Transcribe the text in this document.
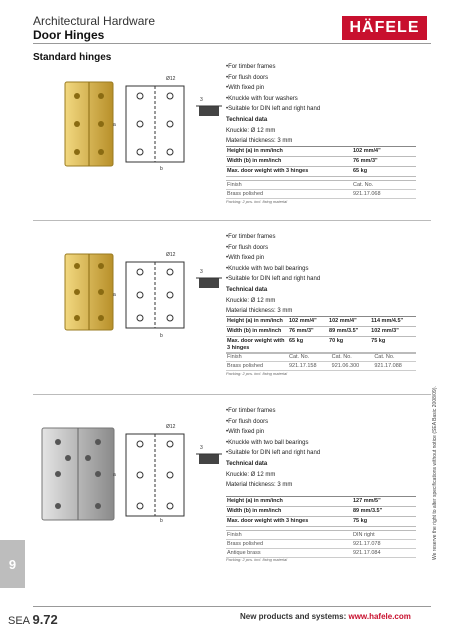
Architectural Hardware
Door Hinges	HÄFELE
Standard hinges
Ø12
a
b
3
• For timber frames
• For flush doors
• With fixed pin
• Knuckle with four washers
• Suitable for DIN left and right hand
Technical data
Knuckle: Ø 12 mm
Material thickness: 3 mm
Height (a) in mm/inch	102 mm/4"
Width (b) in mm/inch	76 mm/3"
Max. door weight with 3 hinges	65 kg
Finish	Cat. No.
Brass polished	921.17.068
Packing: 2 pcs. incl. fixing material
Ø12
a
b
3
• For timber frames
• For flush doors
• With fixed pin
• Knuckle with two ball bearings
• Suitable for DIN left and right hand
Technical data
Knuckle: Ø 12 mm
Material thickness: 3 mm
Height (a) in mm/inch	102 mm/4"	102 mm/4"	114 mm/4.5"
Width (b) in mm/inch	76 mm/3"	89 mm/3.5"	102 mm/3"
Max. door weight with 3 hinges	65 kg	70 kg	75 kg
Finish	Cat. No.	Cat. No.	Cat. No.
Brass polished	921.17.158	921.06.300	921.17.088
Packing: 2 pcs. incl. fixing material
Ø12
a
b
3
• For timber frames
• For flush doors
• With fixed pin
• Knuckle with two ball bearings
• Suitable for DIN left and right hand
Technical data
Knuckle: Ø 12 mm
Material thickness: 3 mm
Height (a) in mm/inch	127 mm/5"
Width (b) in mm/inch	89 mm/3.5"
Max. door weight with 3 hinges	75 kg
Finish	DIN right
Brass polished	921.17.078
Antique brass	921.17.084
Packing: 2 pcs. incl. fixing material	We reserve the right to alter specifications without notice (SEA Basic 2008/09).
9
SEA 9.72	New products and systems: www.hafele.com
